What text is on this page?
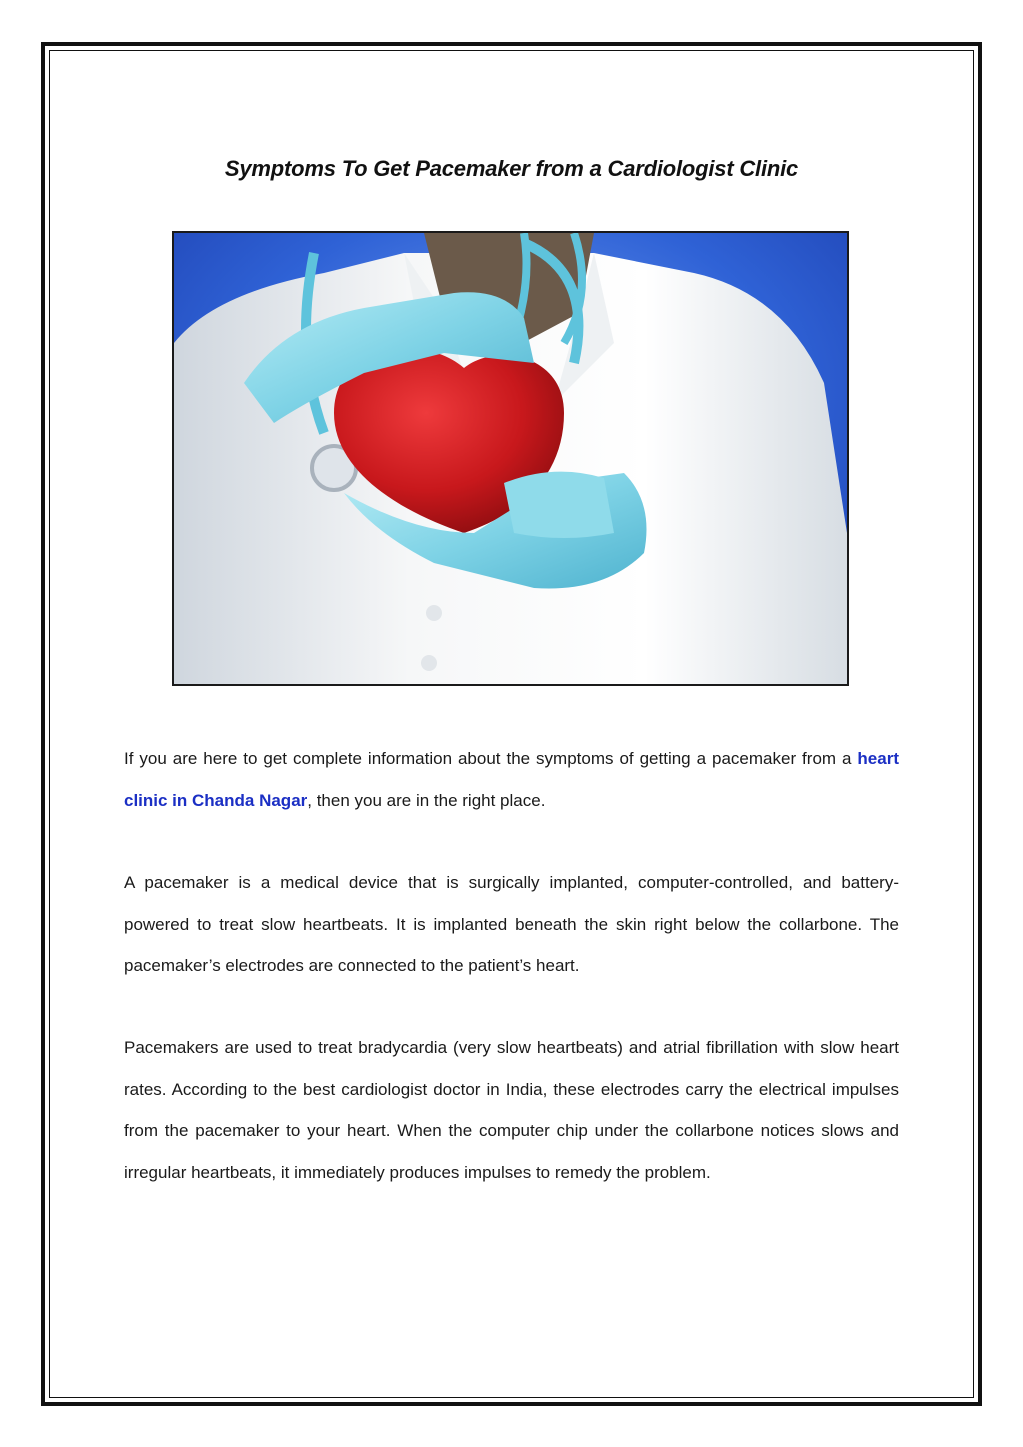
Symptoms To Get Pacemaker from a Cardiologist Clinic
If you are here to get complete information about the symptoms of getting a pacemaker from a heart clinic in Chanda Nagar, then you are in the right place.
A pacemaker is a medical device that is surgically implanted, computer-controlled, and battery-powered to treat slow heartbeats. It is implanted beneath the skin right below the collarbone. The pacemaker’s electrodes are connected to the patient’s heart.
Pacemakers are used to treat bradycardia (very slow heartbeats) and atrial fibrillation with slow heart rates. According to the best cardiologist doctor in India, these electrodes carry the electrical impulses from the pacemaker to your heart. When the computer chip under the collarbone notices slows and irregular heartbeats, it immediately produces impulses to remedy the problem.
